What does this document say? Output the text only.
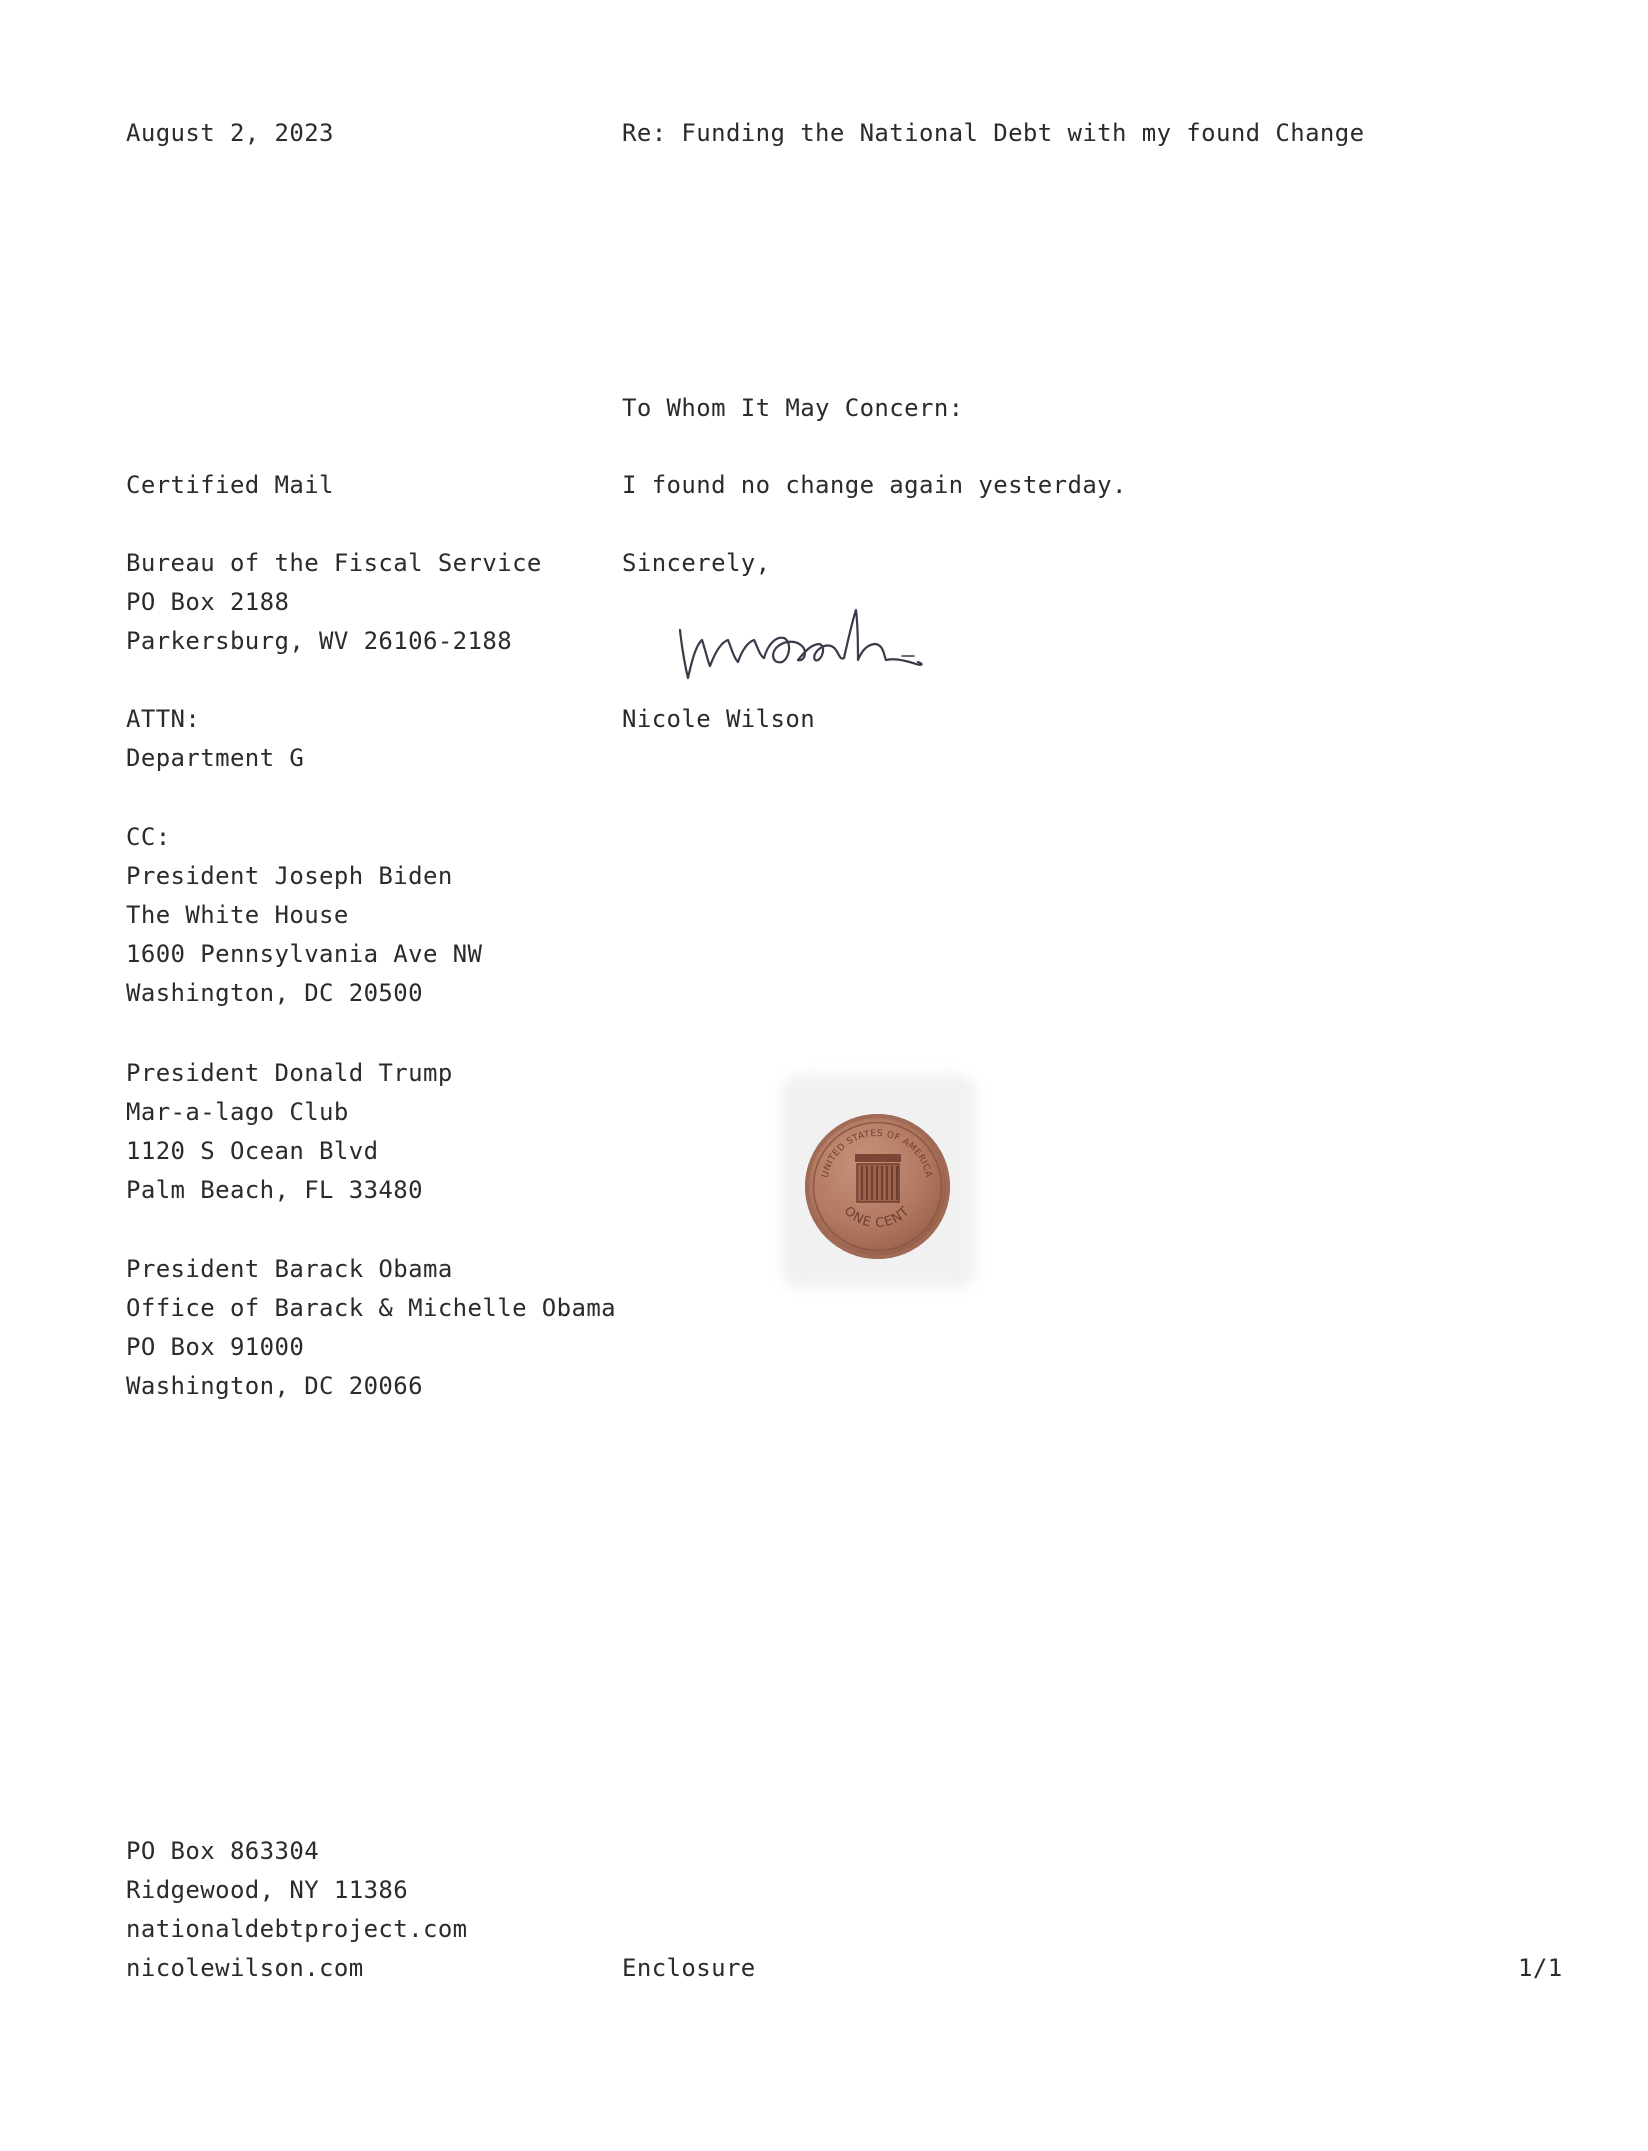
August 2, 2023	Re: Funding the National Debt with my found Change
To Whom It May Concern:
I found no change again yesterday.
Sincerely,
Nicole Wilson
Certified Mail
Bureau of the Fiscal Service
PO Box 2188
Parkersburg, WV 26106-2188
ATTN:
Department G
CC:
President Joseph Biden
The White House
1600 Pennsylvania Ave NW
Washington, DC 20500
President Donald Trump
Mar-a-lago Club
1120 S Ocean Blvd
Palm Beach, FL 33480
President Barack Obama
Office of Barack & Michelle Obama
PO Box 91000
Washington, DC 20066
UNITED STATES OF AMERICA
ONE CENT
PO Box 863304
Ridgewood, NY 11386
nationaldebtproject.com
nicolewilson.com	Enclosure	1/1
